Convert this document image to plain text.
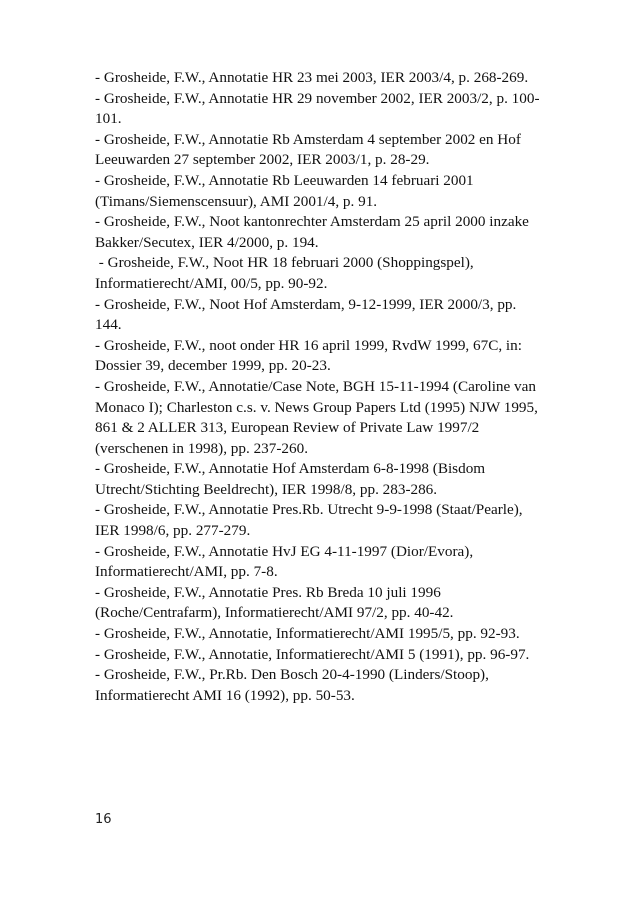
- Grosheide, F.W., Annotatie HR 23 mei 2003, IER 2003/4, p. 268-269.
- Grosheide, F.W., Annotatie HR 29 november 2002, IER 2003/2, p. 100-
101.
- Grosheide, F.W., Annotatie Rb Amsterdam 4 september 2002 en Hof
Leeuwarden 27 september 2002, IER 2003/1, p. 28-29.
- Grosheide, F.W., Annotatie Rb Leeuwarden 14 februari 2001
(Timans/Siemenscensuur), AMI 2001/4, p. 91.
- Grosheide, F.W., Noot kantonrechter Amsterdam 25 april 2000 inzake
Bakker/Secutex, IER 4/2000, p. 194.
- Grosheide, F.W., Noot HR 18 februari 2000 (Shoppingspel),
Informatierecht/AMI, 00/5, pp. 90-92.
- Grosheide, F.W., Noot Hof Amsterdam, 9-12-1999, IER 2000/3, pp.
144.
- Grosheide, F.W., noot onder HR 16 april 1999, RvdW 1999, 67C, in:
Dossier 39, december 1999, pp. 20-23.
- Grosheide, F.W., Annotatie/Case Note, BGH 15-11-1994 (Caroline van
Monaco I); Charleston c.s. v. News Group Papers Ltd (1995) NJW 1995,
861 & 2 ALLER 313, European Review of Private Law 1997/2
(verschenen in 1998), pp. 237-260.
- Grosheide, F.W., Annotatie Hof Amsterdam 6-8-1998 (Bisdom
Utrecht/Stichting Beeldrecht), IER 1998/8, pp. 283-286.
- Grosheide, F.W., Annotatie Pres.Rb. Utrecht 9-9-1998 (Staat/Pearle),
IER 1998/6, pp. 277-279.
- Grosheide, F.W., Annotatie HvJ EG 4-11-1997 (Dior/Evora),
Informatierecht/AMI, pp. 7-8.
- Grosheide, F.W., Annotatie Pres. Rb Breda 10 juli 1996
(Roche/Centrafarm), Informatierecht/AMI 97/2, pp. 40-42.
- Grosheide, F.W., Annotatie, Informatierecht/AMI 1995/5, pp. 92-93.
- Grosheide, F.W., Annotatie, Informatierecht/AMI 5 (1991), pp. 96-97.
- Grosheide, F.W., Pr.Rb. Den Bosch 20-4-1990 (Linders/Stoop),
Informatierecht AMI 16 (1992), pp. 50-53.
16
